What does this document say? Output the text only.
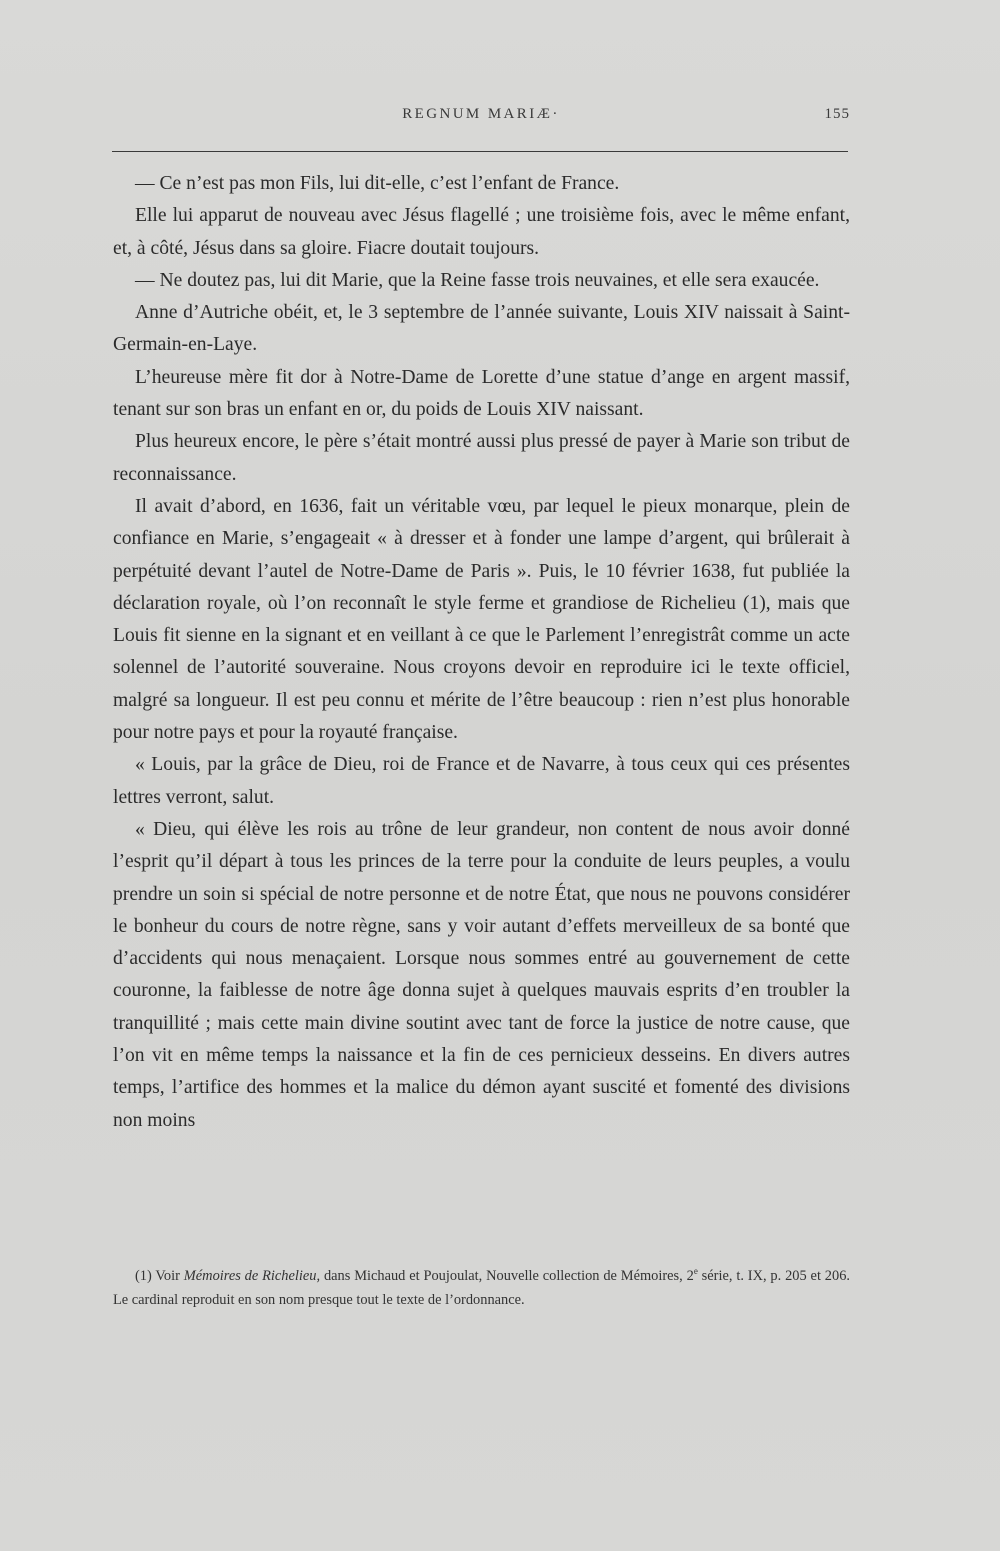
REGNUM MARIÆ·	155

— Ce n’est pas mon Fils, lui dit-elle, c’est l’enfant de France.

Elle lui apparut de nouveau avec Jésus flagellé ; une troisième fois, avec le même enfant, et, à côté, Jésus dans sa gloire. Fiacre doutait toujours.

— Ne doutez pas, lui dit Marie, que la Reine fasse trois neuvaines, et elle sera exaucée.

Anne d’Autriche obéit, et, le 3 septembre de l’année suivante, Louis XIV naissait à Saint-Germain-en-Laye.

L’heureuse mère fit dor à Notre-Dame de Lorette d’une statue d’ange en argent massif, tenant sur son bras un enfant en or, du poids de Louis XIV naissant.

Plus heureux encore, le père s’était montré aussi plus pressé de payer à Marie son tribut de reconnaissance.

Il avait d’abord, en 1636, fait un véritable vœu, par lequel le pieux monarque, plein de confiance en Marie, s’engageait « à dresser et à fonder une lampe d’argent, qui brûlerait à perpétuité devant l’autel de Notre-Dame de Paris ». Puis, le 10 février 1638, fut publiée la déclaration royale, où l’on reconnaît le style ferme et grandiose de Richelieu (1), mais que Louis fit sienne en la signant et en veillant à ce que le Parlement l’enregistrât comme un acte solennel de l’autorité souveraine. Nous croyons devoir en reproduire ici le texte officiel, malgré sa longueur. Il est peu connu et mérite de l’être beaucoup : rien n’est plus honorable pour notre pays et pour la royauté française.

« Louis, par la grâce de Dieu, roi de France et de Navarre, à tous ceux qui ces présentes lettres verront, salut.

« Dieu, qui élève les rois au trône de leur grandeur, non content de nous avoir donné l’esprit qu’il départ à tous les princes de la terre pour la conduite de leurs peuples, a voulu prendre un soin si spécial de notre personne et de notre État, que nous ne pouvons considérer le bonheur du cours de notre règne, sans y voir autant d’effets merveilleux de sa bonté que d’accidents qui nous menaçaient. Lorsque nous sommes entré au gouvernement de cette couronne, la faiblesse de notre âge donna sujet à quelques mauvais esprits d’en troubler la tranquillité ; mais cette main divine soutint avec tant de force la justice de notre cause, que l’on vit en même temps la naissance et la fin de ces pernicieux desseins. En divers autres temps, l’artifice des hommes et la malice du démon ayant suscité et fomenté des divisions non moins

(1) Voir Mémoires de Richelieu, dans Michaud et Poujoulat, Nouvelle collection de Mémoires, 2e série, t. IX, p. 205 et 206. Le cardinal reproduit en son nom presque tout le texte de l’ordonnance.
